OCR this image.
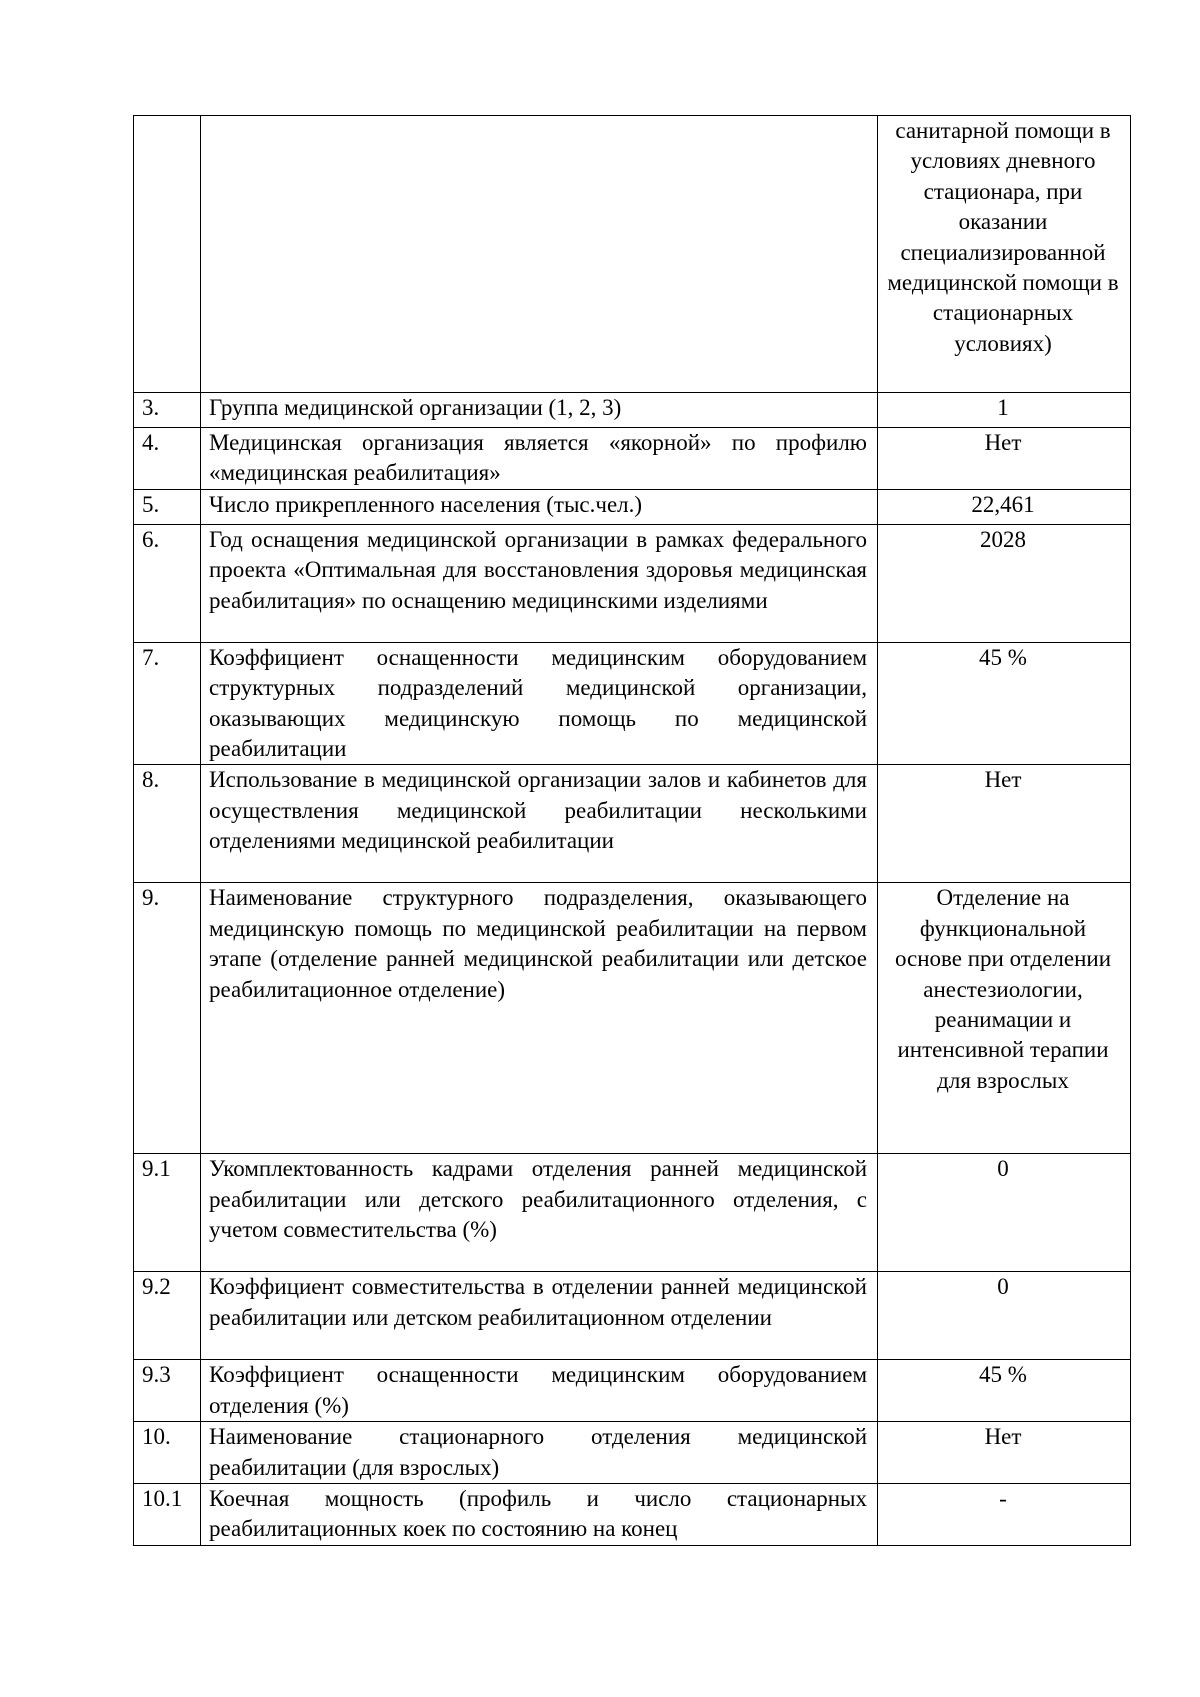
		санитарной помощи в условиях дневного стационара, при оказании специализированной медицинской помощи в стационарных условиях)
3.	Группа медицинской организации (1, 2, 3)	1
4.	Медицинская организация является «якорной» по профилю «медицинская реабилитация»	Нет
5.	Число прикрепленного населения (тыс.чел.)	22,461
6.	Год оснащения медицинской организации в рамках федерального проекта «Оптимальная для восстановления здоровья медицинская реабилитация» по оснащению медицинскими изделиями	2028
7.	Коэффициент оснащенности медицинским оборудованием структурных подразделений медицинской организации, оказывающих медицинскую помощь по медицинской реабилитации	45 %
8.	Использование в медицинской организации залов и кабинетов для осуществления медицинской реабилитации несколькими отделениями медицинской реабилитации	Нет
9.	Наименование структурного подразделения, оказывающего медицинскую помощь по медицинской реабилитации на первом этапе (отделение ранней медицинской реабилитации или детское реабилитационное отделение)	Отделение на функциональной основе при отделении анестезиологии, реанимации и интенсивной терапии для взрослых
9.1	Укомплектованность кадрами отделения ранней медицинской реабилитации или детского реабилитационного отделения, с учетом совместительства (%)	0
9.2	Коэффициент совместительства в отделении ранней медицинской реабилитации или детском реабилитационном отделении	0
9.3	Коэффициент оснащенности медицинским оборудованием отделения (%)	45 %
10.	Наименование стационарного отделения медицинской реабилитации (для взрослых)	Нет
10.1	Коечная мощность (профиль и число стационарных реабилитационных коек по состоянию на конец	-
